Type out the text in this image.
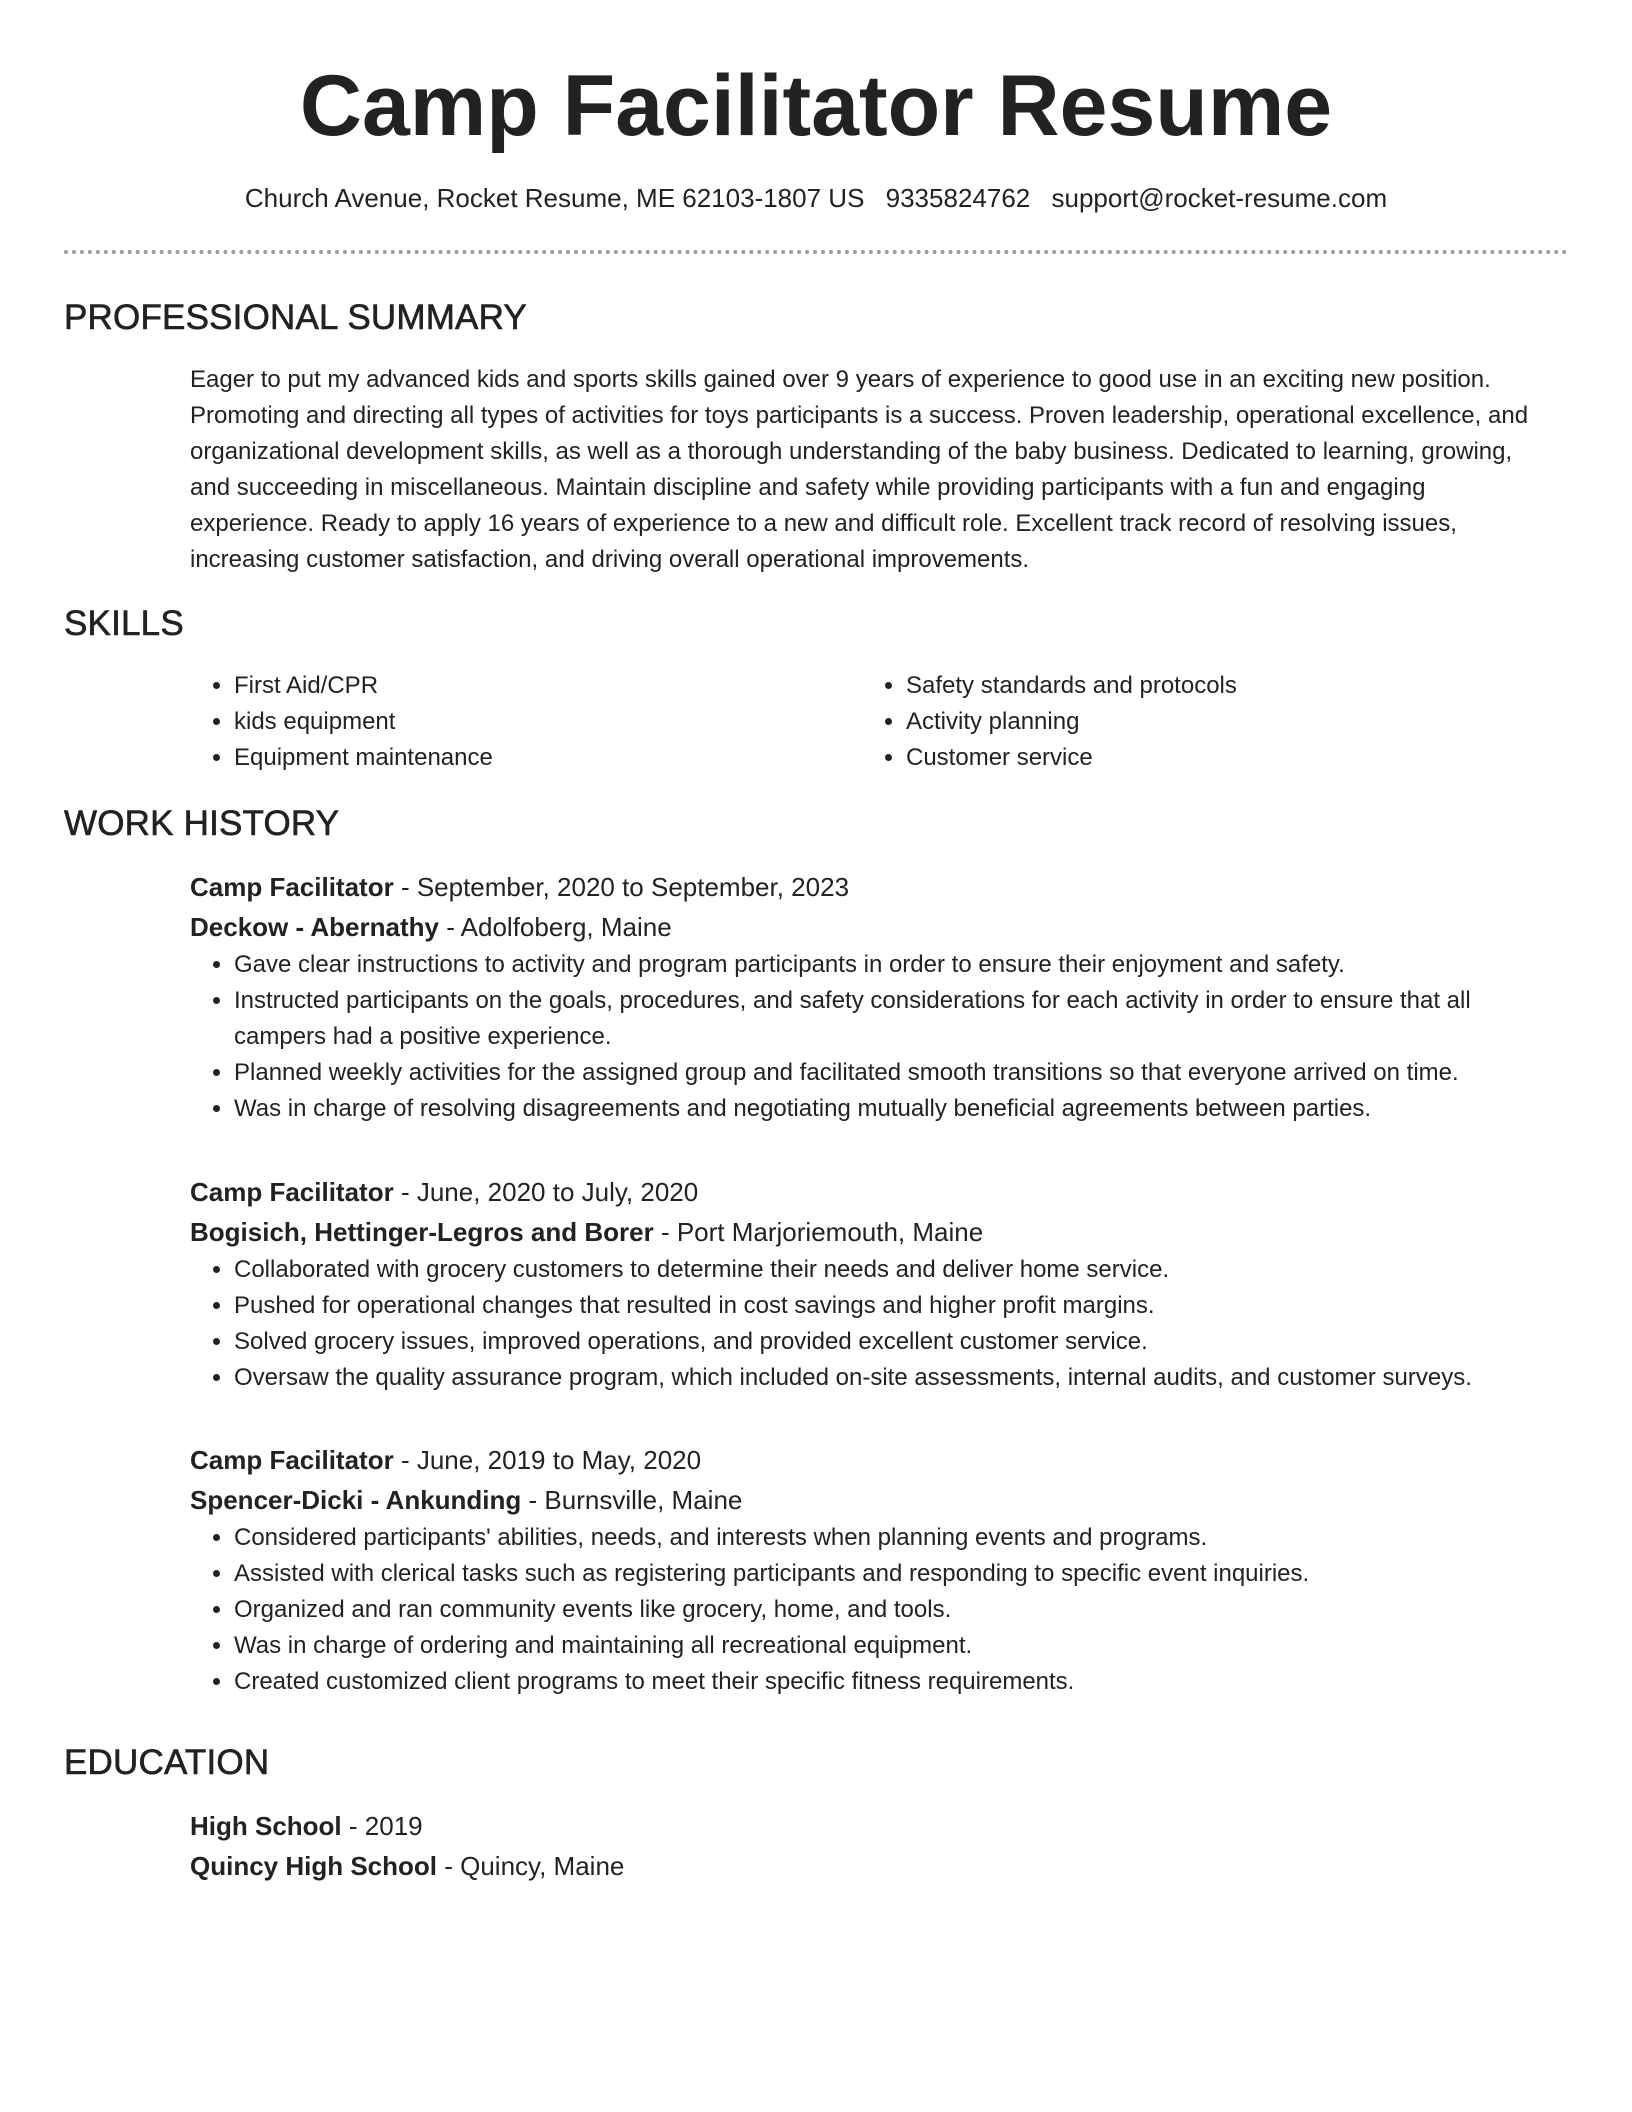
Camp Facilitator Resume
Church Avenue, Rocket Resume, ME 62103-1807 US 9335824762 support@rocket-resume.com
PROFESSIONAL SUMMARY

Eager to put my advanced kids and sports skills gained over 9 years of experience to good use in an exciting new position. Promoting and directing all types of activities for toys participants is a success. Proven leadership, operational excellence, and organizational development skills, as well as a thorough understanding of the baby business. Dedicated to learning, growing, and succeeding in miscellaneous. Maintain discipline and safety while providing participants with a fun and engaging experience. Ready to apply 16 years of experience to a new and difficult role. Excellent track record of resolving issues, increasing customer satisfaction, and driving overall operational improvements.

SKILLS
• First Aid/CPR
• kids equipment
• Equipment maintenance
• Safety standards and protocols
• Activity planning
• Customer service
WORK HISTORY

Camp Facilitator - September, 2020 to September, 2023

Deckow - Abernathy - Adolfoberg, Maine

• Gave clear instructions to activity and program participants in order to ensure their enjoyment and safety.
• Instructed participants on the goals, procedures, and safety considerations for each activity in order to ensure that all campers had a positive experience.
• Planned weekly activities for the assigned group and facilitated smooth transitions so that everyone arrived on time.
• Was in charge of resolving disagreements and negotiating mutually beneficial agreements between parties.

Camp Facilitator - June, 2020 to July, 2020

Bogisich, Hettinger-Legros and Borer - Port Marjoriemouth, Maine

• Collaborated with grocery customers to determine their needs and deliver home service.
• Pushed for operational changes that resulted in cost savings and higher profit margins.
• Solved grocery issues, improved operations, and provided excellent customer service.
• Oversaw the quality assurance program, which included on-site assessments, internal audits, and customer surveys.

Camp Facilitator - June, 2019 to May, 2020

Spencer-Dicki - Ankunding - Burnsville, Maine

• Considered participants' abilities, needs, and interests when planning events and programs.
• Assisted with clerical tasks such as registering participants and responding to specific event inquiries.
• Organized and ran community events like grocery, home, and tools.
• Was in charge of ordering and maintaining all recreational equipment.
• Created customized client programs to meet their specific fitness requirements.
EDUCATION

High School - 2019

Quincy High School - Quincy, Maine
